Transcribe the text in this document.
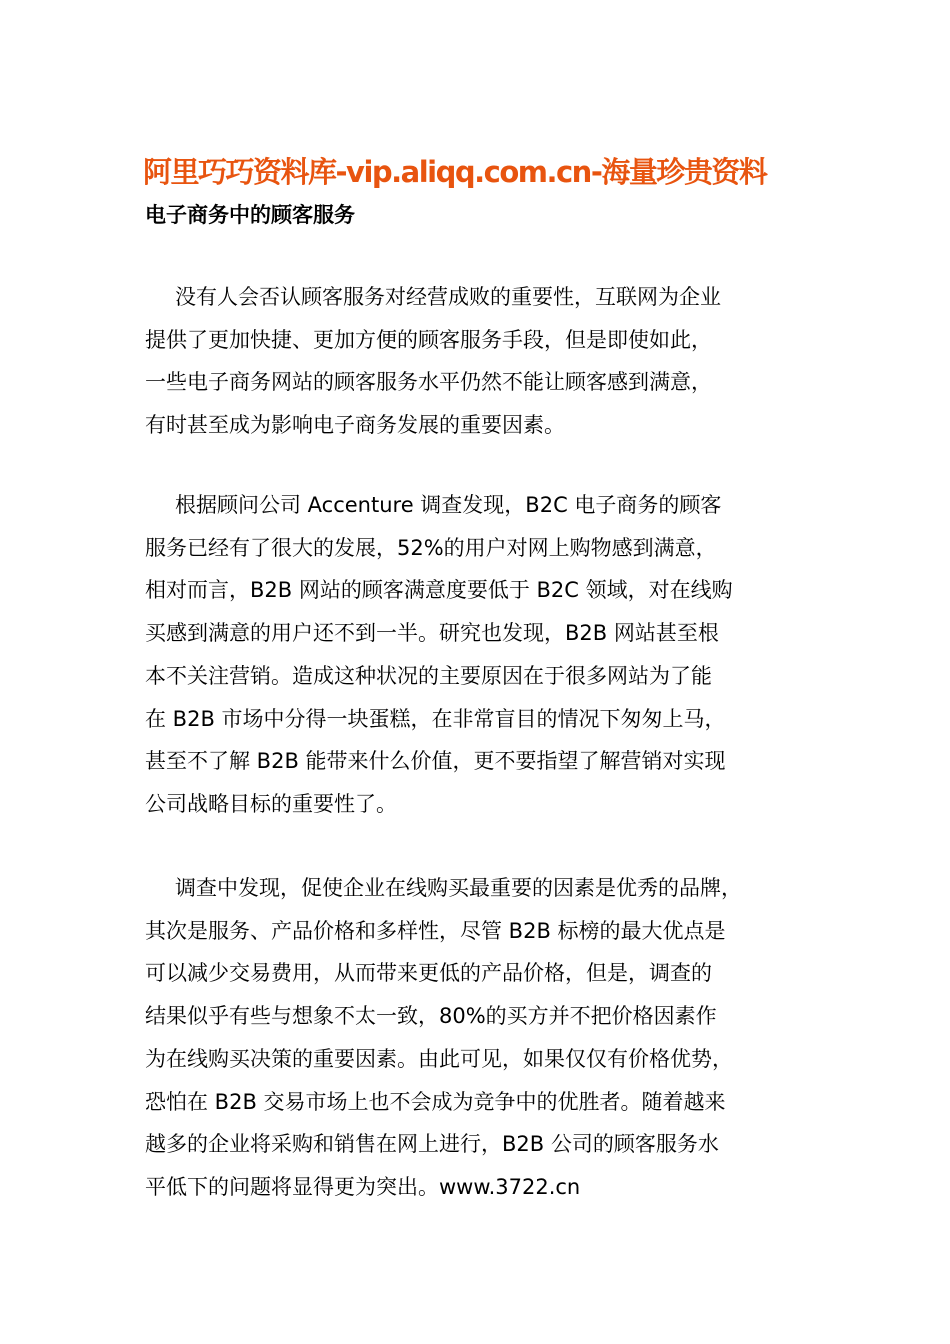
阿里巧巧资料库-vip.aliqq.com.cn-海量珍贵资料
电子商务中的顾客服务
没有人会否认顾客服务对经营成败的重要性，互联网为企业
提供了更加快捷、更加方便的顾客服务手段，但是即使如此，
一些电子商务网站的顾客服务水平仍然不能让顾客感到满意，
有时甚至成为影响电子商务发展的重要因素。
根据顾问公司 Accenture 调查发现，B2C 电子商务的顾客
服务已经有了很大的发展，52%的用户对网上购物感到满意，
相对而言，B2B 网站的顾客满意度要低于 B2C 领域，对在线购
买感到满意的用户还不到一半。研究也发现，B2B 网站甚至根
本不关注营销。造成这种状况的主要原因在于很多网站为了能
在 B2B 市场中分得一块蛋糕，在非常盲目的情况下匆匆上马，
甚至不了解 B2B 能带来什么价值，更不要指望了解营销对实现
公司战略目标的重要性了。
调查中发现，促使企业在线购买最重要的因素是优秀的品牌，
其次是服务、产品价格和多样性，尽管 B2B 标榜的最大优点是
可以减少交易费用，从而带来更低的产品价格，但是，调查的
结果似乎有些与想象不太一致，80%的买方并不把价格因素作
为在线购买决策的重要因素。由此可见，如果仅仅有价格优势，
恐怕在 B2B 交易市场上也不会成为竞争中的优胜者。随着越来
越多的企业将采购和销售在网上进行，B2B 公司的顾客服务水
平低下的问题将显得更为突出。www.3722.cn
